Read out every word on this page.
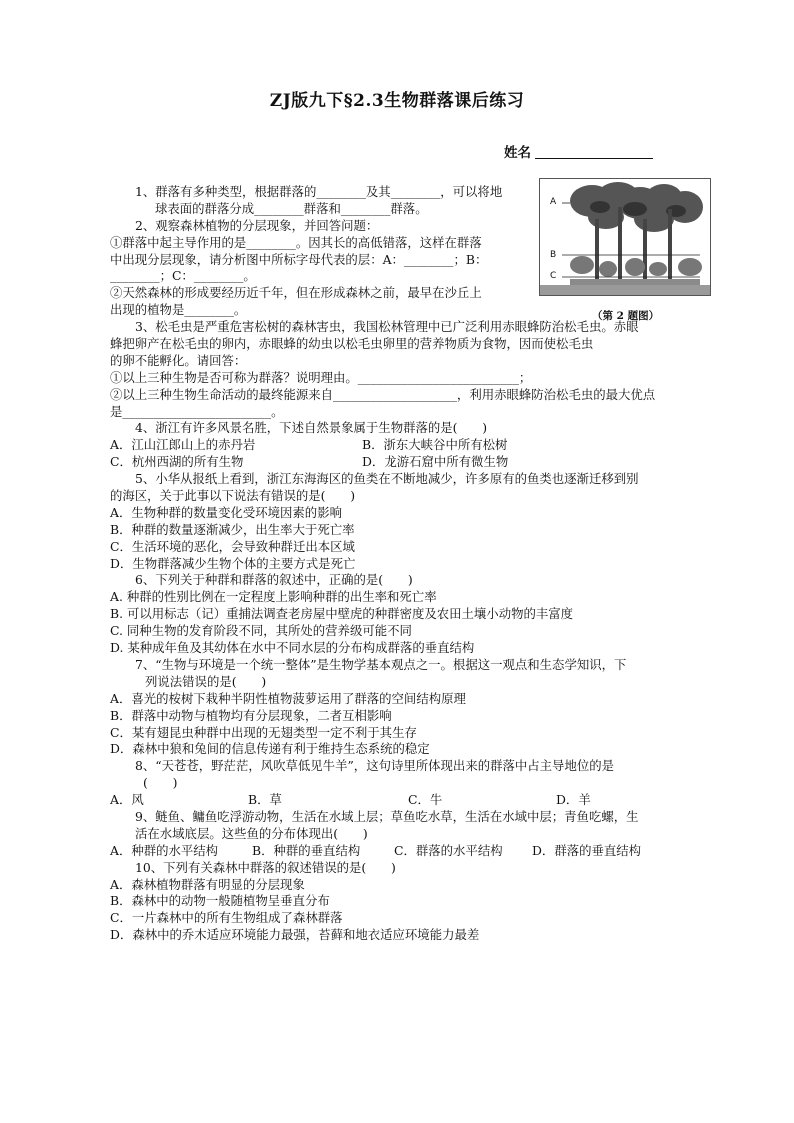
ZJ版九下§2.3生物群落课后练习
姓名
A
B
C
（第 2 题图）
1、群落有多种类型，根据群落的________及其________，可以将地
球表面的群落分成________群落和________群落。
2、观察森林植物的分层现象，并回答问题：
①群落中起主导作用的是________。因其长的高低错落，这样在群落
中出现分层现象，请分析图中所标字母代表的层：A：________；B：
________；C：________。
②天然森林的形成要经历近千年，但在形成森林之前，最早在沙丘上
出现的植物是________。
3、松毛虫是严重危害松树的森林害虫，我国松林管理中已广泛利用赤眼蜂防治松毛虫。赤眼
蜂把卵产在松毛虫的卵内，赤眼蜂的幼虫以松毛虫卵里的营养物质为食物，因而使松毛虫
的卵不能孵化。请回答：
①以上三种生物是否可称为群落？说明理由。__________________________；
②以上三种生物生命活动的最终能源来自____________________，利用赤眼蜂防治松毛虫的最大优点
是________________________。
4、浙江有许多风景名胜，下述自然景象属于生物群落的是(　　)
A．江山江郎山上的赤丹岩	B．浙东大峡谷中所有松树
C．杭州西湖的所有生物	D．龙游石窟中所有微生物
5、小华从报纸上看到，浙江东海海区的鱼类在不断地减少，许多原有的鱼类也逐渐迁移到别
的海区，关于此事以下说法有错误的是(　　)
A．生物种群的数量变化受环境因素的影响
B．种群的数量逐渐减少，出生率大于死亡率
C．生活环境的恶化，会导致种群迁出本区域
D．生物群落减少生物个体的主要方式是死亡
6、下列关于种群和群落的叙述中，正确的是(　　)
A. 种群的性别比例在一定程度上影响种群的出生率和死亡率
B. 可以用标志（记）重捕法调查老房屋中壁虎的种群密度及农田土壤小动物的丰富度
C. 同种生物的发育阶段不同，其所处的营养级可能不同
D. 某种成年鱼及其幼体在水中不同水层的分布构成群落的垂直结构
7、“生物与环境是一个统一整体”是生物学基本观点之一。根据这一观点和生态学知识，下
列说法错误的是(　　)
A．喜光的桉树下栽种半阴性植物菠萝运用了群落的空间结构原理
B．群落中动物与植物均有分层现象，二者互相影响
C．某有翅昆虫种群中出现的无翅类型一定不利于其生存
D．森林中狼和兔间的信息传递有利于维持生态系统的稳定
8、“天苍苍，野茫茫，风吹草低见牛羊”，这句诗里所体现出来的群落中占主导地位的是
(　　)
A．风	B．草	C．牛	D．羊
9、鲢鱼、鳙鱼吃浮游动物，生活在水域上层；草鱼吃水草，生活在水域中层；青鱼吃螺，生
活在水域底层。这些鱼的分布体现出(　　)
A．种群的水平结构	B．种群的垂直结构	C．群落的水平结构	D．群落的垂直结构
10、下列有关森林中群落的叙述错误的是(　　)
A．森林植物群落有明显的分层现象
B．森林中的动物一般随植物呈垂直分布
C．一片森林中的所有生物组成了森林群落
D．森林中的乔木适应环境能力最强，苔藓和地衣适应环境能力最差
